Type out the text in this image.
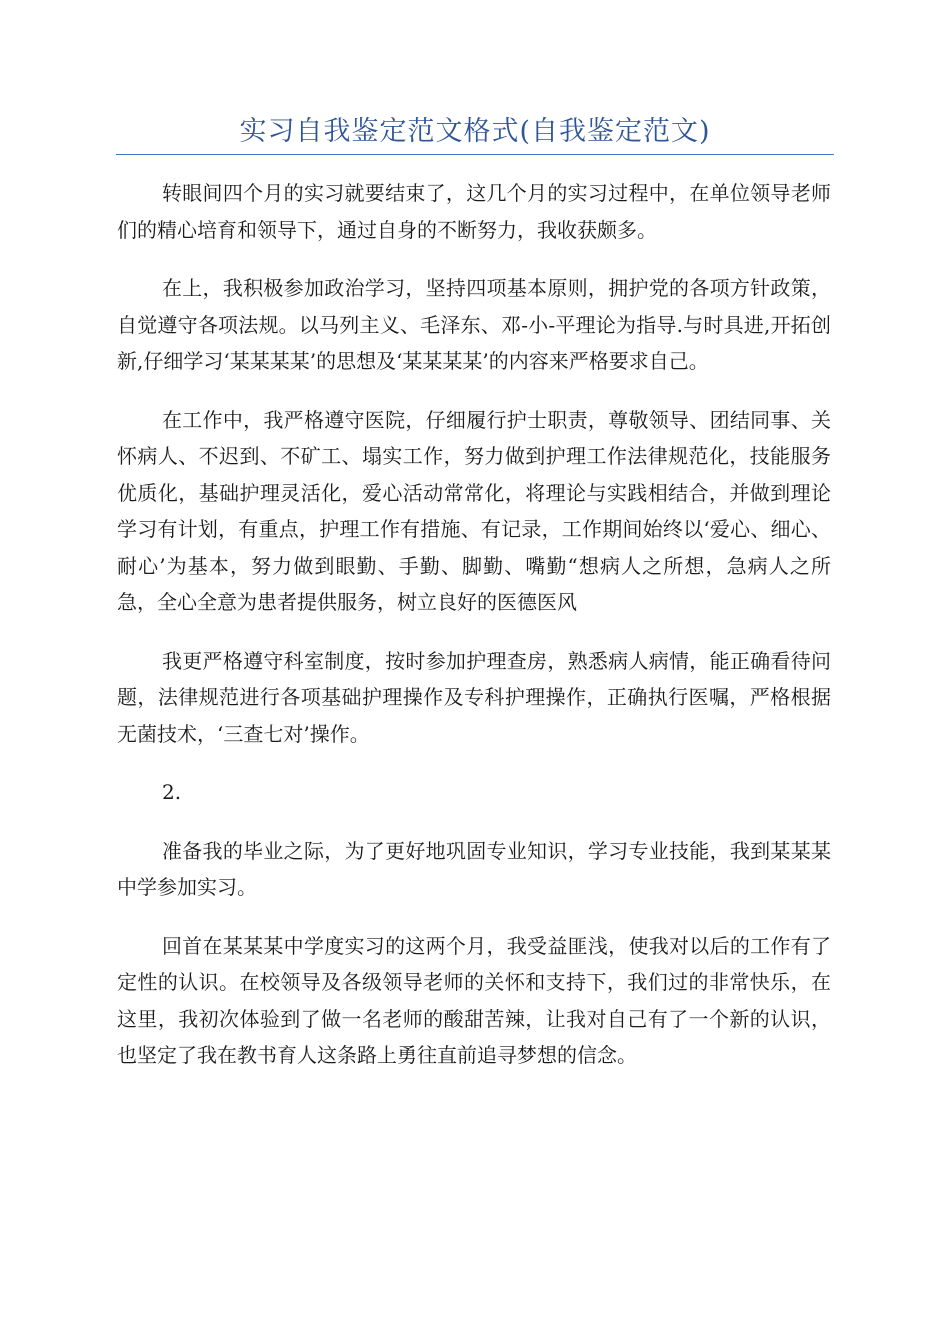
实习自我鉴定范文格式(自我鉴定范文)

转眼间四个月的实习就要结束了，这几个月的实习过程中，在单位领导老师们的精心培育和领导下，通过自身的不断努力，我收获颇多。

在上，我积极参加政治学习，坚持四项基本原则，拥护党的各项方针政策，自觉遵守各项法规。以马列主义、毛泽东、邓-小-平理论为指导.与时具进,开拓创新,仔细学习‘某某某某’的思想及‘某某某某’的内容来严格要求自己。

在工作中，我严格遵守医院，仔细履行护士职责，尊敬领导、团结同事、关怀病人、不迟到、不矿工、塌实工作，努力做到护理工作法律规范化，技能服务优质化，基础护理灵活化，爱心活动常常化，将理论与实践相结合，并做到理论学习有计划，有重点，护理工作有措施、有记录，工作期间始终以‘爱心、细心、耐心’为基本，努力做到眼勤、手勤、脚勤、嘴勤“想病人之所想，急病人之所急，全心全意为患者提供服务，树立良好的医德医风

我更严格遵守科室制度，按时参加护理查房，熟悉病人病情，能正确看待问题，法律规范进行各项基础护理操作及专科护理操作，正确执行医嘱，严格根据无菌技术，‘三查七对’操作。

2.

准备我的毕业之际，为了更好地巩固专业知识，学习专业技能，我到某某某中学参加实习。

回首在某某某中学度实习的这两个月，我受益匪浅，使我对以后的工作有了定性的认识。在校领导及各级领导老师的关怀和支持下，我们过的非常快乐，在这里，我初次体验到了做一名老师的酸甜苦辣，让我对自己有了一个新的认识，也坚定了我在教书育人这条路上勇往直前追寻梦想的信念。
